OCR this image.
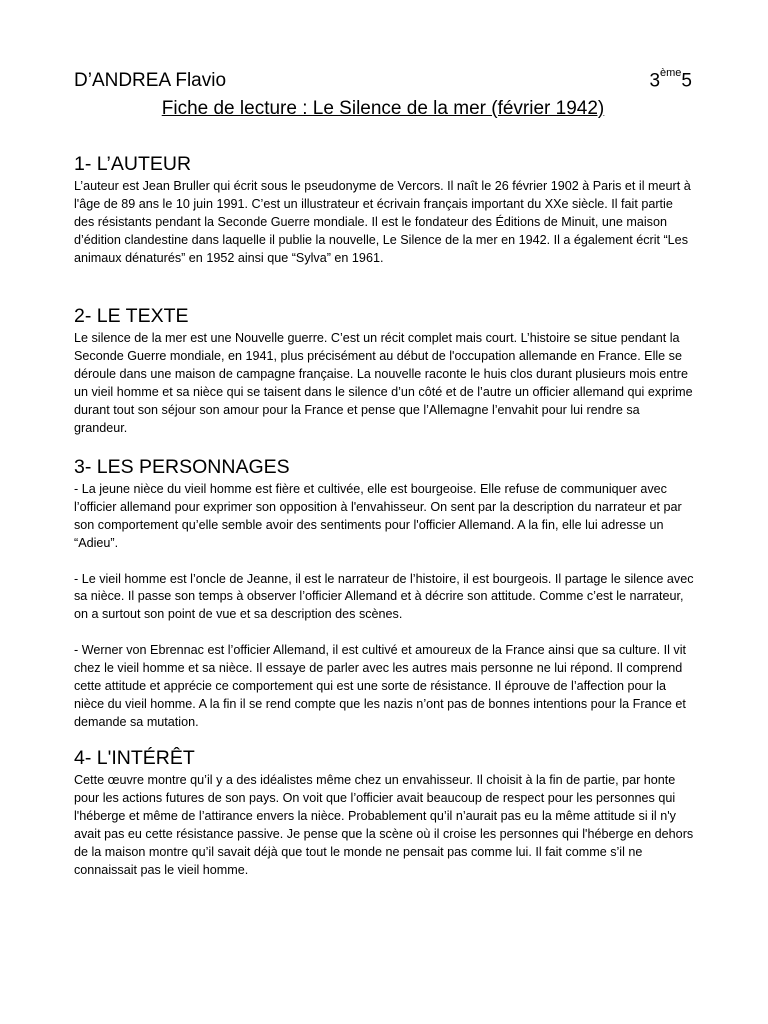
D’ANDREA Flavio	3ème5
Fiche de lecture : Le Silence de la mer (février 1942)
1- L’AUTEUR

L’auteur est Jean Bruller qui écrit sous le pseudonyme de Vercors. Il naît le 26 février 1902 à Paris et il meurt à l'âge de 89 ans le 10 juin 1991. C’est un illustrateur et écrivain français important du XXe siècle. Il fait partie des résistants pendant la Seconde Guerre mondiale. Il est le fondateur des Éditions de Minuit, une maison d’édition clandestine dans laquelle il publie la nouvelle, Le Silence de la mer en 1942. Il a également écrit “Les animaux dénaturés” en 1952 ainsi que “Sylva” en 1961.

2- LE TEXTE

Le silence de la mer est une Nouvelle guerre. C’est un récit complet mais court. L’histoire se situe pendant la Seconde Guerre mondiale, en 1941, plus précisément au début de l'occupation allemande en France. Elle se déroule dans une maison de campagne française. La nouvelle raconte le huis clos durant plusieurs mois entre un vieil homme et sa nièce qui se taisent dans le silence d’un côté et de l’autre un officier allemand qui exprime durant tout son séjour son amour pour la France et pense que l’Allemagne l’envahit pour lui rendre sa grandeur.

3- LES PERSONNAGES

- La jeune nièce du vieil homme est fière et cultivée, elle est bourgeoise. Elle refuse de communiquer avec l’officier allemand pour exprimer son opposition à l'envahisseur. On sent par la description du narrateur et par son comportement qu’elle semble avoir des sentiments pour l'officier Allemand. A la fin, elle lui adresse un “Adieu”.

- Le vieil homme est l’oncle de Jeanne, il est le narrateur de l’histoire, il est bourgeois. Il partage le silence avec sa nièce. Il passe son temps à observer l’officier Allemand et à décrire son attitude. Comme c’est le narrateur, on a surtout son point de vue et sa description des scènes.

- Werner von Ebrennac est l’officier Allemand, il est cultivé et amoureux de la France ainsi que sa culture. Il vit chez le vieil homme et sa nièce. Il essaye de parler avec les autres mais personne ne lui répond. Il comprend cette attitude et apprécie ce comportement qui est une sorte de résistance. Il éprouve de l’affection pour la nièce du vieil homme. A la fin il se rend compte que les nazis n’ont pas de bonnes intentions pour la France et demande sa mutation.

4- L'INTÉRÊT

Cette œuvre montre qu’il y a des idéalistes même chez un envahisseur. Il choisit à la fin de partie, par honte pour les actions futures de son pays. On voit que l’officier avait beaucoup de respect pour les personnes qui l'héberge et même de l’attirance envers la nièce. Probablement qu’il n’aurait pas eu la même attitude si il n'y avait pas eu cette résistance passive. Je pense que la scène où il croise les personnes qui l'héberge en dehors de la maison montre qu’il savait déjà que tout le monde ne pensait pas comme lui. Il fait comme s’il ne connaissait pas le vieil homme.
